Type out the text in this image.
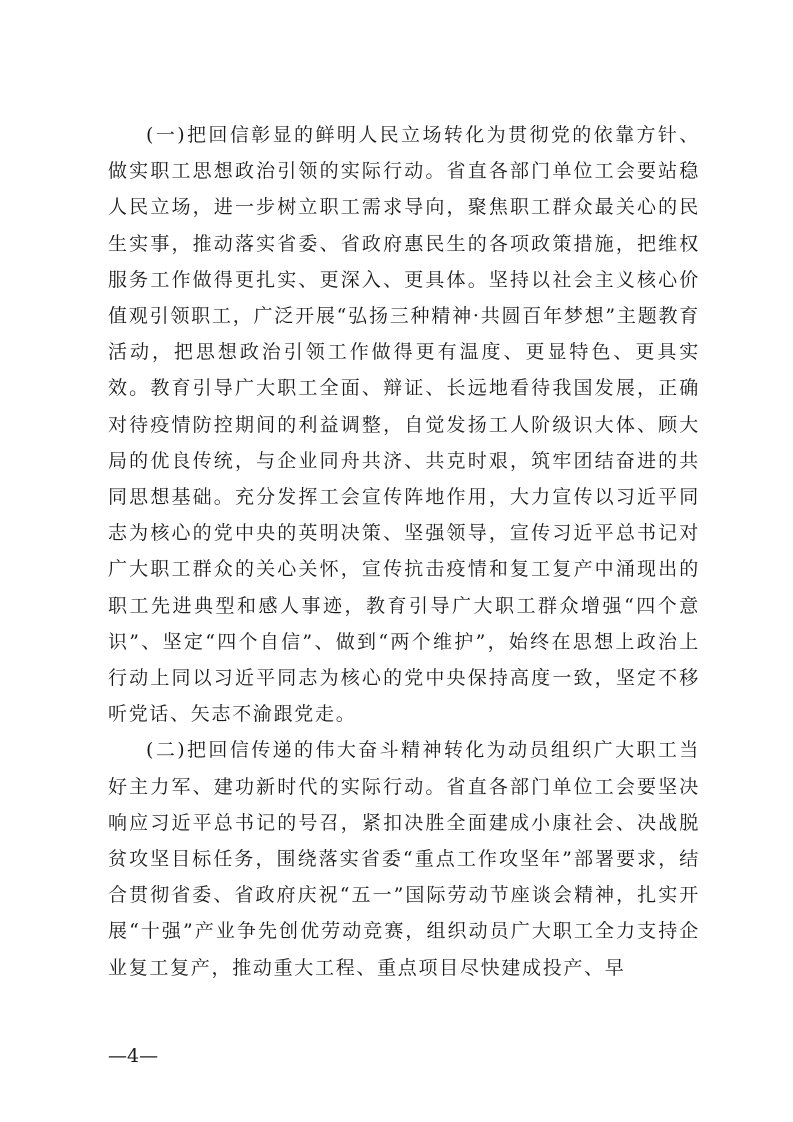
(一)把回信彰显的鲜明人民立场转化为贯彻党的依靠方针、做实职工思想政治引领的实际行动。省直各部门单位工会要站稳人民立场，进一步树立职工需求导向，聚焦职工群众最关心的民生实事，推动落实省委、省政府惠民生的各项政策措施，把维权服务工作做得更扎实、更深入、更具体。坚持以社会主义核心价值观引领职工，广泛开展“弘扬三种精神·共圆百年梦想”主题教育活动，把思想政治引领工作做得更有温度、更显特色、更具实效。教育引导广大职工全面、辩证、长远地看待我国发展，正确对待疫情防控期间的利益调整，自觉发扬工人阶级识大体、顾大局的优良传统，与企业同舟共济、共克时艰，筑牢团结奋进的共同思想基础。充分发挥工会宣传阵地作用，大力宣传以习近平同志为核心的党中央的英明决策、坚强领导，宣传习近平总书记对广大职工群众的关心关怀，宣传抗击疫情和复工复产中涌现出的职工先进典型和感人事迹，教育引导广大职工群众增强“四个意识”、坚定“四个自信”、做到“两个维护”，始终在思想上政治上行动上同以习近平同志为核心的党中央保持高度一致，坚定不移听党话、矢志不渝跟党走。

(二)把回信传递的伟大奋斗精神转化为动员组织广大职工当好主力军、建功新时代的实际行动。省直各部门单位工会要坚决响应习近平总书记的号召，紧扣决胜全面建成小康社会、决战脱贫攻坚目标任务，围绕落实省委“重点工作攻坚年”部署要求，结合贯彻省委、省政府庆祝“五一”国际劳动节座谈会精神，扎实开展“十强”产业争先创优劳动竞赛，组织动员广大职工全力支持企业复工复产，推动重大工程、重点项目尽快建成投产、早

—4—
